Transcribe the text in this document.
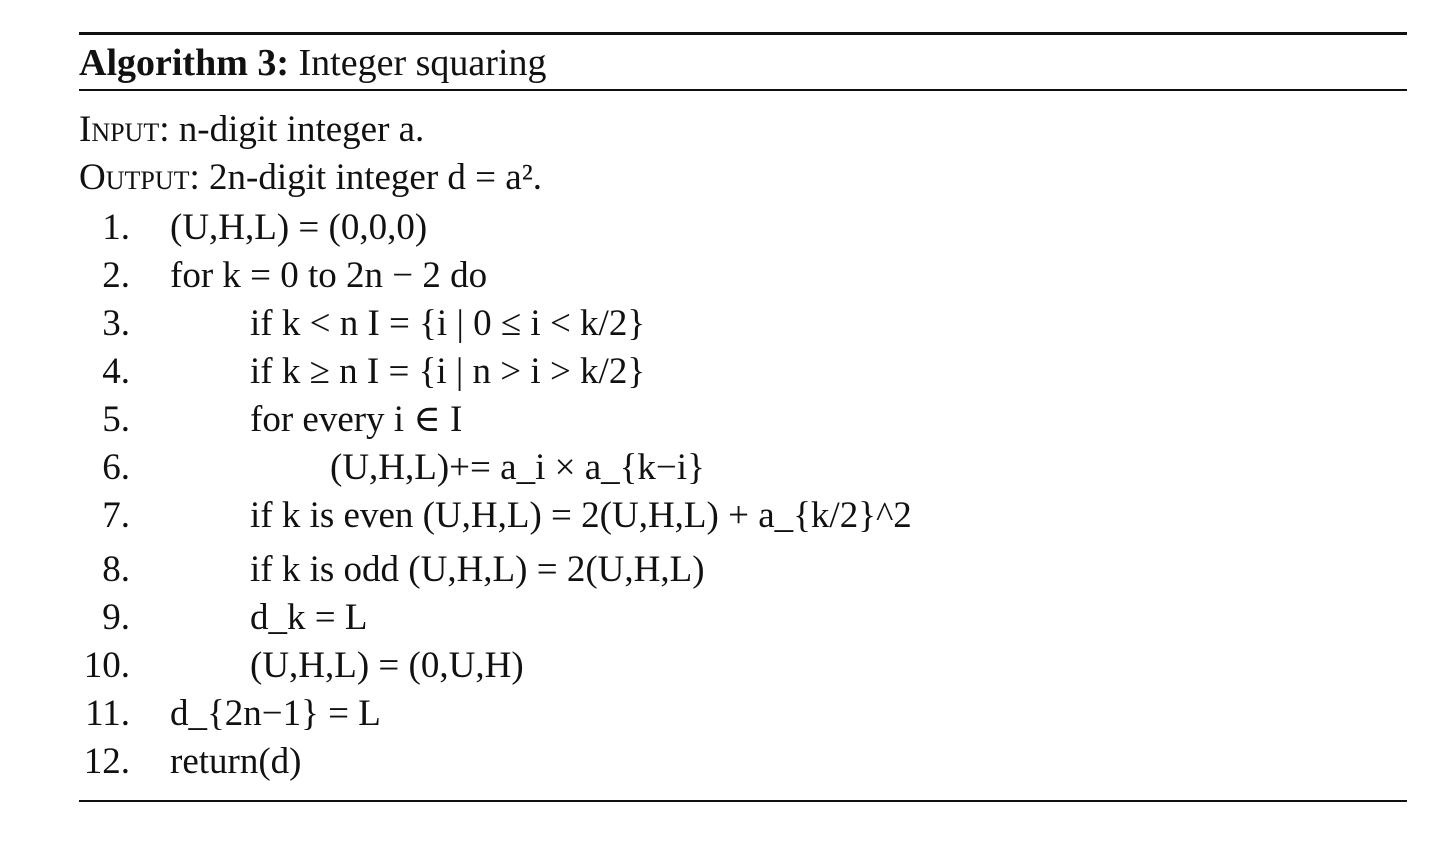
Algorithm 3: Integer squaring
Input: n-digit integer a.
Output: 2n-digit integer d = a².
1. (U,H,L) = (0,0,0)
2. for k = 0 to 2n − 2 do
3.	if k < n I = {i | 0 ≤ i < k/2}
4.	if k ≥ n I = {i | n > i > k/2}
5.	for every i ∈ I
6.	(U,H,L)+= a_i × a_{k−i}
7.	if k is even (U,H,L) = 2(U,H,L) + a_{k/2}^2
8.	if k is odd (U,H,L) = 2(U,H,L)
9.	d_k = L
10.	(U,H,L) = (0,U,H)
11. d_{2n−1} = L
12. return(d)
